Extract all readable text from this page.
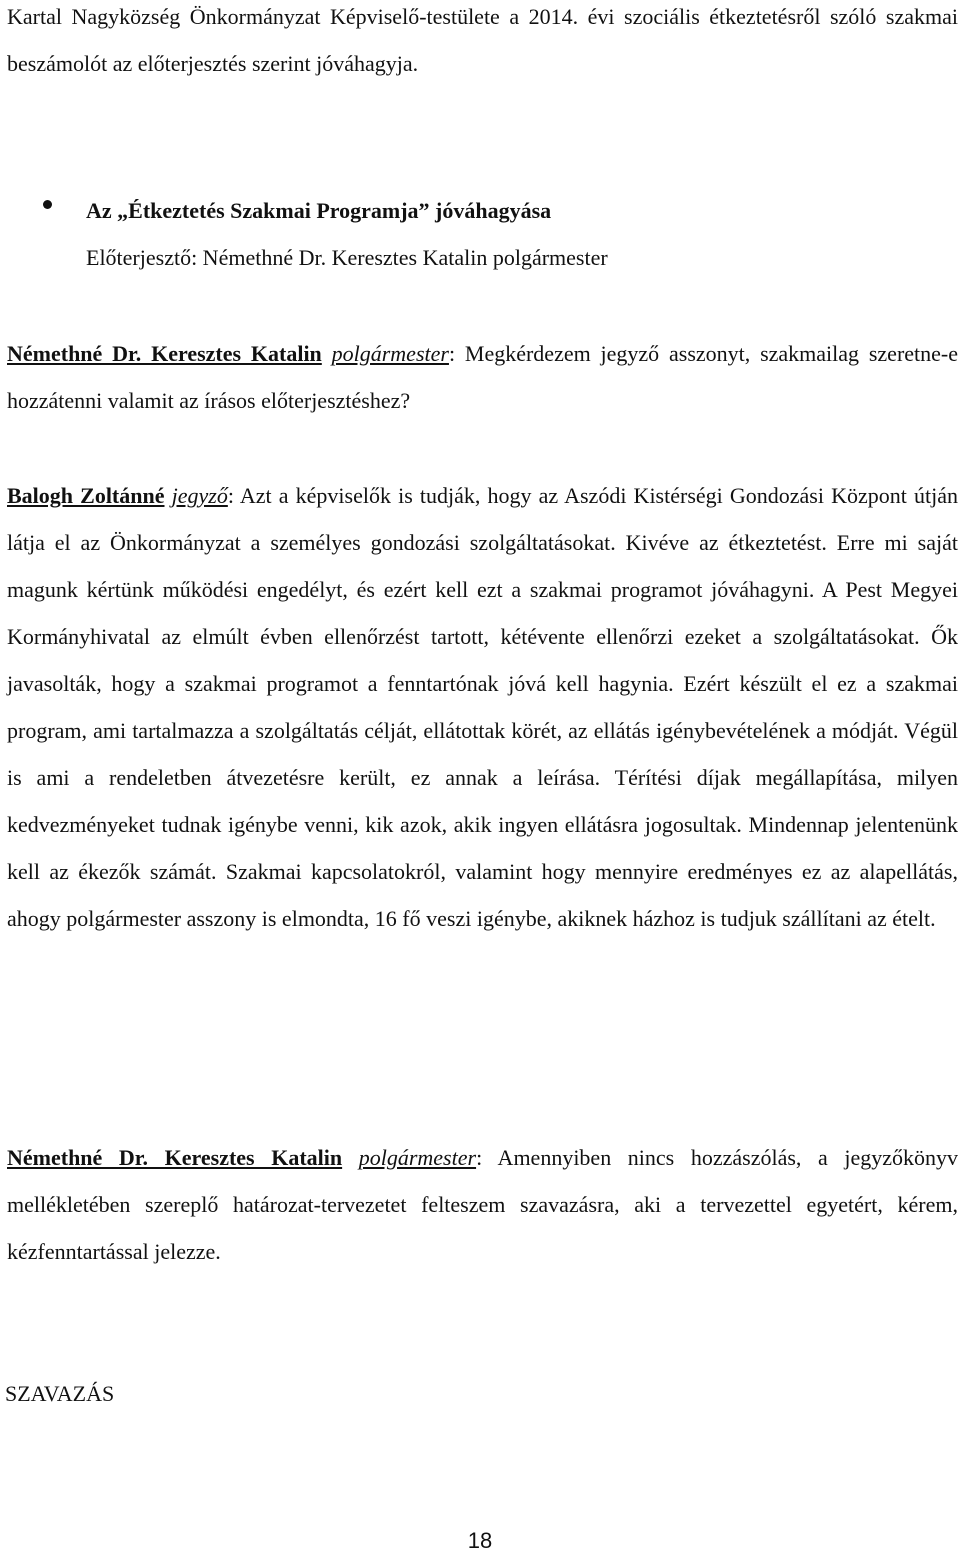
Kartal Nagyközség Önkormányzat Képviselő-testülete a 2014. évi szociális étkeztetésről szóló szakmai beszámolót az előterjesztés szerint jóváhagyja.
Az „Étkeztetés Szakmai Programja” jóváhagyása
Előterjesztő: Némethné Dr. Keresztes Katalin polgármester
Némethné Dr. Keresztes Katalin polgármester: Megkérdezem jegyző asszonyt, szakmailag szeretne-e hozzátenni valamit az írásos előterjesztéshez?
Balogh Zoltánné jegyző: Azt a képviselők is tudják, hogy az Aszódi Kistérségi Gondozási Központ útján látja el az Önkormányzat a személyes gondozási szolgáltatásokat. Kivéve az étkeztetést. Erre mi saját magunk kértünk működési engedélyt, és ezért kell ezt a szakmai programot jóváhagyni. A Pest Megyei Kormányhivatal az elmúlt évben ellenőrzést tartott, kétévente ellenőrzi ezeket a szolgáltatásokat. Ők javasolták, hogy a szakmai programot a fenntartónak jóvá kell hagynia. Ezért készült el ez a szakmai program, ami tartalmazza a szolgáltatás célját, ellátottak körét, az ellátás igénybevételének a módját. Végül is ami a rendeletben átvezetésre került, ez annak a leírása. Térítési díjak megállapítása, milyen kedvezményeket tudnak igénybe venni, kik azok, akik ingyen ellátásra jogosultak. Mindennap jelentenünk kell az ékezők számát. Szakmai kapcsolatokról, valamint hogy mennyire eredményes ez az alapellátás, ahogy polgármester asszony is elmondta, 16 fő veszi igénybe, akiknek házhoz is tudjuk szállítani az ételt.
Némethné Dr. Keresztes Katalin polgármester: Amennyiben nincs hozzászólás, a jegyzőkönyv mellékletében szereplő határozat-tervezetet felteszem szavazásra, aki a tervezettel egyetért, kérem, kézfenntartással jelezze.
SZAVAZÁS
18
